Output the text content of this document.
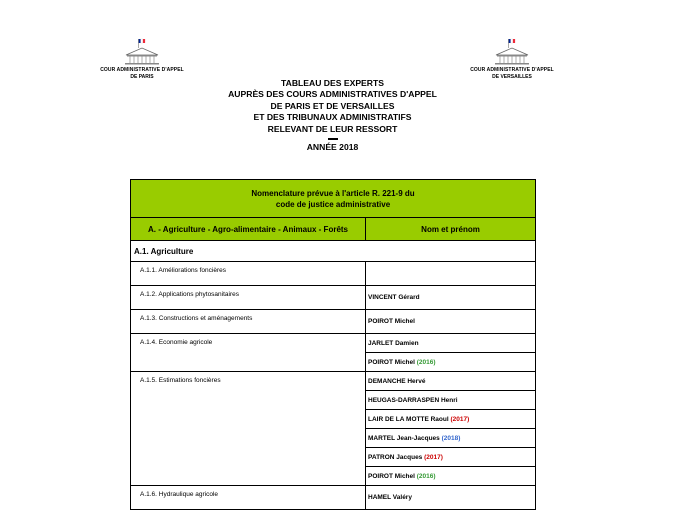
COUR ADMINISTRATIVE D'APPEL
DE PARIS
COUR ADMINISTRATIVE D'APPEL
DE VERSAILLES
TABLEAU DES EXPERTS
AUPRÈS DES COURS ADMINISTRATIVES D'APPEL
DE PARIS ET DE VERSAILLES
ET DES TRIBUNAUX ADMINISTRATIFS
RELEVANT DE LEUR RESSORT
ANNÉE 2018
Nomenclature prévue à l'article R. 221-9 du
code de justice administrative	

A. - Agriculture - Agro-alimentaire - Animaux - Forêts	Nom et prénom
A.1. Agriculture	
A.1.1. Améliorations foncières	
A.1.2. Applications phytosanitaires	VINCENT Gérard
A.1.3. Constructions et aménagements	POIROT Michel
A.1.4. Economie agricole	JARLET Damien
	POIROT Michel (2016)
A.1.5. Estimations foncières	DEMANCHE Hervé
	HEUGAS-DARRASPEN Henri
	LAIR DE LA MOTTE Raoul (2017)
	MARTEL Jean-Jacques (2018)
	PATRON Jacques (2017)
	POIROT Michel (2016)
A.1.6. Hydraulique agricole	HAMEL Valéry
